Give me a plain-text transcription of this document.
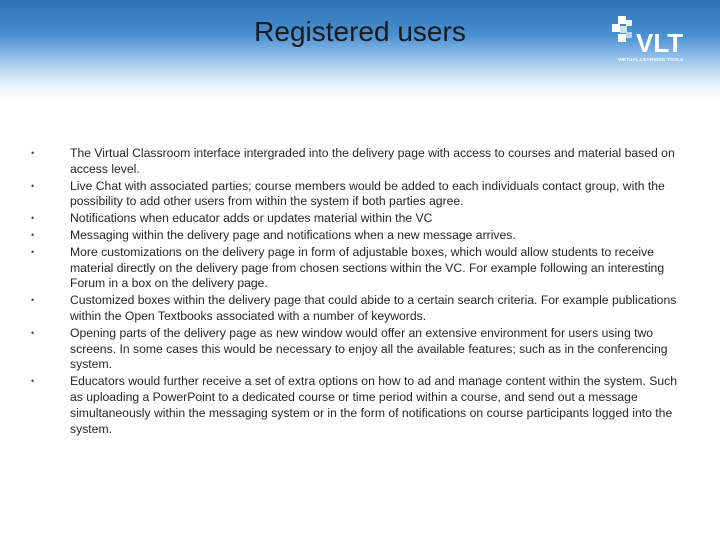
Registered users	VLT
VIRTUAL LEARNING TOOLS
•	The Virtual Classroom interface intergraded into the delivery page with access to courses and material based on access level.
•	Live Chat with associated parties; course members would be added to each individuals contact group, with the possibility to add other users from within the system if both parties agree.
•	Notifications when educator adds or updates material within the VC
•	Messaging within the delivery page and notifications when a new message arrives.
•	More customizations on the delivery page in form of adjustable boxes, which would allow students to receive material directly on the delivery page from chosen sections within the VC. For example following an interesting Forum in a box on the delivery page.
•	Customized boxes within the delivery page that could abide to a certain search criteria. For example publications within the Open Textbooks associated with a number of keywords.
•	Opening parts of the delivery page as new window would offer an extensive environment for users using two screens. In some cases this would be necessary to enjoy all the available features; such as in the conferencing system.
•	Educators would further receive a set of extra options on how to ad and manage content within the system. Such as uploading a PowerPoint to a dedicated course or time period within a course, and send out a message simultaneously within the messaging system or in the form of notifications on course participants logged into the system.
